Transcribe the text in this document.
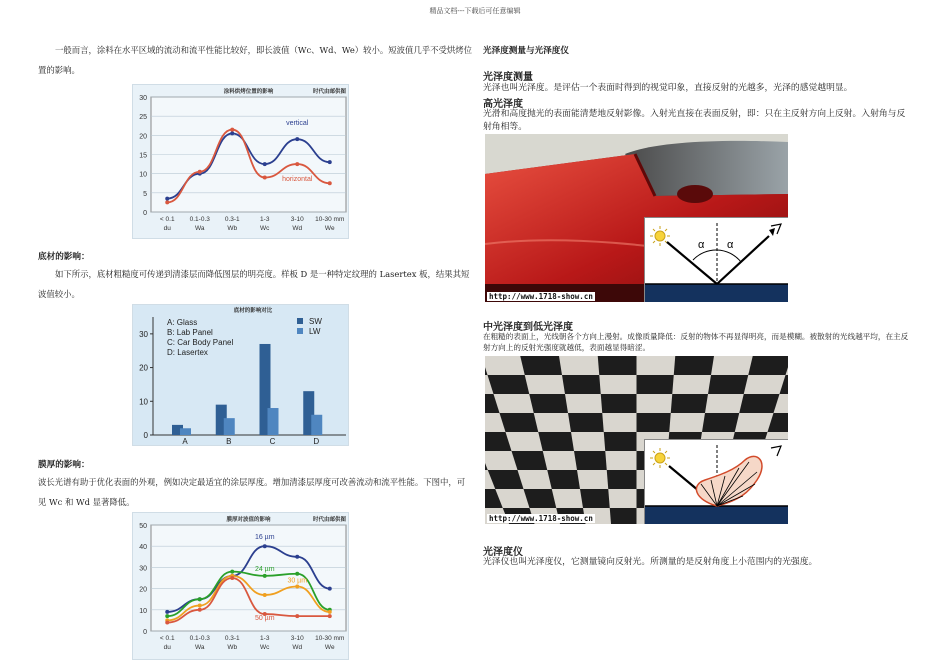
精品文档---下载后可任意编辑
一般而言，涂料在水平区域的流动和流平性能比较好，即长波值（Wc、Wd、We）较小。短波值几乎不受烘烤位置的影响。
0
5
10
15
20
25
30
< 0.1
du
0.1-0.3
Wa
0.3-1
Wb
1-3
Wc
3-10
Wd
10-30 mm
We
vertical
horizontal
涂料烘烤位置的影响	时代由邮供图
底材的影响：
如下所示，底材粗糙度可传递到清漆层而降低图层的明亮度。样板 D 是一种特定纹理的 Lasertex 板，结果其短波值较小。
0
10
20
30
A	B	C	D
A: Glass
B: Lab Panel
C: Car Body Panel
D: Lasertex
SW
LW
底材的影响对比
膜厚的影响：
波长光谱有助于优化表面的外观，例如决定最适宜的涂层厚度。增加清漆层厚度可改善流动和流平性能。下图中，可见 Wc 和 Wd 显著降低。
0
10
20
30
40
50
< 0.1
du
0.1-0.3
Wa
0.3-1
Wb
1-3
Wc
3-10
Wd
10-30 mm
We
16 µm
24 µm
30 µm
50 µm
膜厚对波值的影响	时代由邮供图
光泽度测量与光泽度仪
光泽度测量
光泽也叫光泽度。是评估一个表面时得到的视觉印象，直接反射的光越多，光泽的感觉越明显。
高光泽度
光滑和高度抛光的表面能清楚地反射影像。入射光直接在表面反射，即：只在主反射方向上反射。入射角与反射角相等。
α α
http://www.1718-show.cn
中光泽度到低光泽度
在粗糙的表面上，光线朝各个方向上漫射。成像质量降低：反射的物体不再显得明亮，而是模糊。被散射的光线越平均，在主反射方向上的反射光强度就越低，表面越显得暗涩。
http://www.1718-show.cn
光泽度仪
光泽仪也叫光泽度仪，它测量镜向反射光。所测量的是反射角度上小范围内的光强度。
